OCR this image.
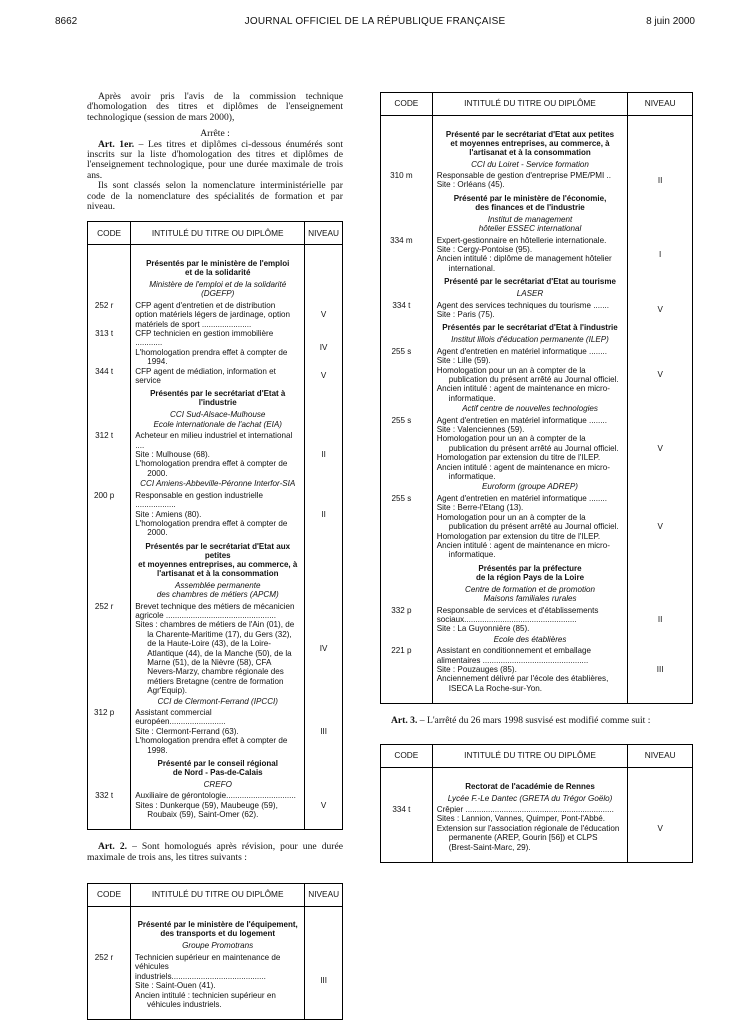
8662	JOURNAL OFFICIEL DE LA RÉPUBLIQUE FRANÇAISE	8 juin 2000

Après avoir pris l'avis de la commission technique d'homologation des titres et diplômes de l'enseignement technologique (session de mars 2000),

Arrête :

Art. 1er. – Les titres et diplômes ci-dessous énumérés sont inscrits sur la liste d'homologation des titres et diplômes de l'enseignement technologique, pour une durée maximale de trois ans.

Ils sont classés selon la nomenclature interministérielle par code de la nomenclature des spécialités de formation et par niveau.

CODE	INTITULÉ DU TITRE OU DIPLÔME	NIVEAU

	Présentés par le ministère de l'emploi
et de la solidarité	

	Ministère de l'emploi et de la solidarité
(DGEFP)	

252 r	CFP agent d'entretien et de distribution option matériels légers de jardinage, option matériels de sport ......................	V
313 t	CFP technicien en gestion immobilière ............
L'homologation prendra effet à compter de 1994.	IV
344 t	CFP agent de médiation, information et service	V

	Présentés par le secrétariat d'Etat à l'industrie	

	CCI Sud-Alsace-Mulhouse
Ecole internationale de l'achat (EIA)	

312 t	Acheteur en milieu industriel et international ....
Site : Mulhouse (68).
L'homologation prendra effet à compter de 2000.	II

	CCI Amiens-Abbeville-Péronne Interfor-SIA	

200 p	Responsable en gestion industrielle ..................
Site : Amiens (80).
L'homologation prendra effet à compter de 2000.	II

	Présentés par le secrétariat d'Etat aux petites
et moyennes entreprises, au commerce, à
l'artisanat et à la consommation	

	Assemblée permanente
des chambres de métiers (APCM)	

252 r	Brevet technique des métiers de mécanicien agricole .................................................
Sites : chambres de métiers de l'Ain (01), de la Charente-Maritime (17), du Gers (32), de la Haute-Loire (43), de la Loire-Atlantique (44), de la Manche (50), de la Marne (51), de la Nièvre (58), CFA Nevers-Marzy, chambre régionale des métiers Bretagne (centre de formation Agr'Equip).	IV

	CCI de Clermont-Ferrand (IPCCI)	

312 p	Assistant commercial européen.........................
Site : Clermont-Ferrand (63).
L'homologation prendra effet à compter de 1998.	III

	Présenté par le conseil régional
de Nord - Pas-de-Calais	

	CREFO	

332 t	Auxiliaire de gérontologie...............................
Sites : Dunkerque (59), Maubeuge (59), Roubaix (59), Saint-Omer (62).	V

Art. 2. – Sont homologués après révision, pour une durée maximale de trois ans, les titres suivants :

CODE	INTITULÉ DU TITRE OU DIPLÔME	NIVEAU

	Présenté par le ministère de l'équipement,
des transports et du logement	

	Groupe Promotrans	

252 r	Technicien supérieur en maintenance de véhicules industriels..........................................
Site : Saint-Ouen (41).
Ancien intitulé : technicien supérieur en véhicules industriels.	III

CODE	INTITULÉ DU TITRE OU DIPLÔME	NIVEAU

	Présenté par le secrétariat d'Etat aux petites
et moyennes entreprises, au commerce, à
l'artisanat et à la consommation	

	CCI du Loiret - Service formation	

310 m	Responsable de gestion d'entreprise PME/PMI ..
Site : Orléans (45).	II

	Présenté par le ministère de l'économie,
des finances et de l'industrie	

	Institut de management
hôtelier ESSEC international	

334 m	Expert-gestionnaire en hôtellerie internationale.
Site : Cergy-Pontoise (95).
Ancien intitulé : diplôme de management hôtelier international.	I

	Présenté par le secrétariat d'Etat au tourisme	

	LASER	

334 t	Agent des services techniques du tourisme .......
Site : Paris (75).	V

	Présentés par le secrétariat d'Etat à l'industrie	

	Institut lillois d'éducation permanente (ILEP)	

255 s	Agent d'entretien en matériel informatique ........
Site : Lille (59).
Homologation pour un an à compter de la publication du présent arrêté au Journal officiel.
Ancien intitulé : agent de maintenance en micro-informatique.	V

	Actif centre de nouvelles technologies	

255 s	Agent d'entretien en matériel informatique ........
Site : Valenciennes (59).
Homologation pour un an à compter de la publication du présent arrêté au Journal officiel.
Homologation par extension du titre de l'ILEP.
Ancien intitulé : agent de maintenance en micro-informatique.	V

	Euroform (groupe ADREP)	

255 s	Agent d'entretien en matériel informatique ........
Site : Berre-l'Etang (13).
Homologation pour un an à compter de la publication du présent arrêté au Journal officiel.
Homologation par extension du titre de l'ILEP.
Ancien intitulé : agent de maintenance en micro-informatique.	V

	Présentés par la préfecture
de la région Pays de la Loire	

	Centre de formation et de promotion
Maisons familiales rurales	

332 p	Responsable de services et d'établissements sociaux..................................................
Site : La Guyonnière (85).	II

	Ecole des établières	

221 p	Assistant en conditionnement et emballage alimentaires ...............................................
Site : Pouzauges (85).
Anciennement délivré par l'école des établières, ISECA La Roche-sur-Yon.	III

Art. 3. – L'arrêté du 26 mars 1998 susvisé est modifié comme suit :

CODE	INTITULÉ DU TITRE OU DIPLÔME	NIVEAU

	Rectorat de l'académie de Rennes	

	Lycée F.-Le Dantec (GRETA du Trégor Goëlo)	

334 t	Crêpier ..................................................................
Sites : Lannion, Vannes, Quimper, Pont-l'Abbé.
Extension sur l'association régionale de l'éducation permanente (AREP, Gourin [56]) et CLPS (Brest-Saint-Marc, 29).	V
